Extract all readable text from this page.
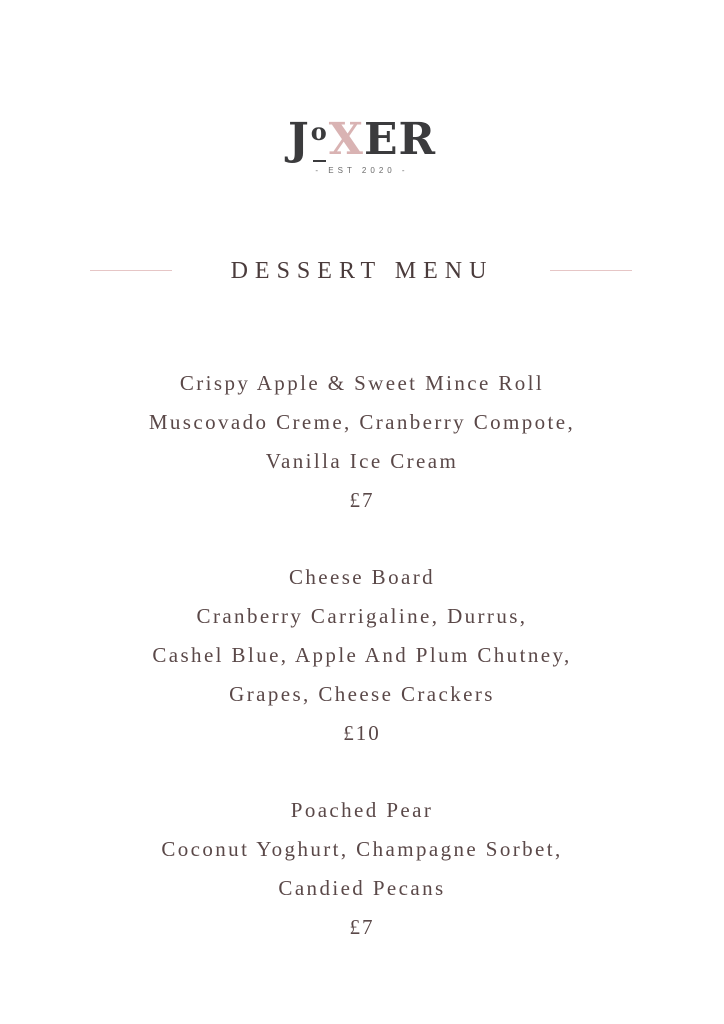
JoXER
- EST 2020 -
DESSERT MENU
Crispy Apple & Sweet Mince Roll
Muscovado Creme, Cranberry Compote,
Vanilla Ice Cream
£7
Cheese Board
Cranberry Carrigaline, Durrus,
Cashel Blue, Apple And Plum Chutney,
Grapes, Cheese Crackers
£10
Poached Pear
Coconut Yoghurt, Champagne Sorbet,
Candied Pecans
£7
